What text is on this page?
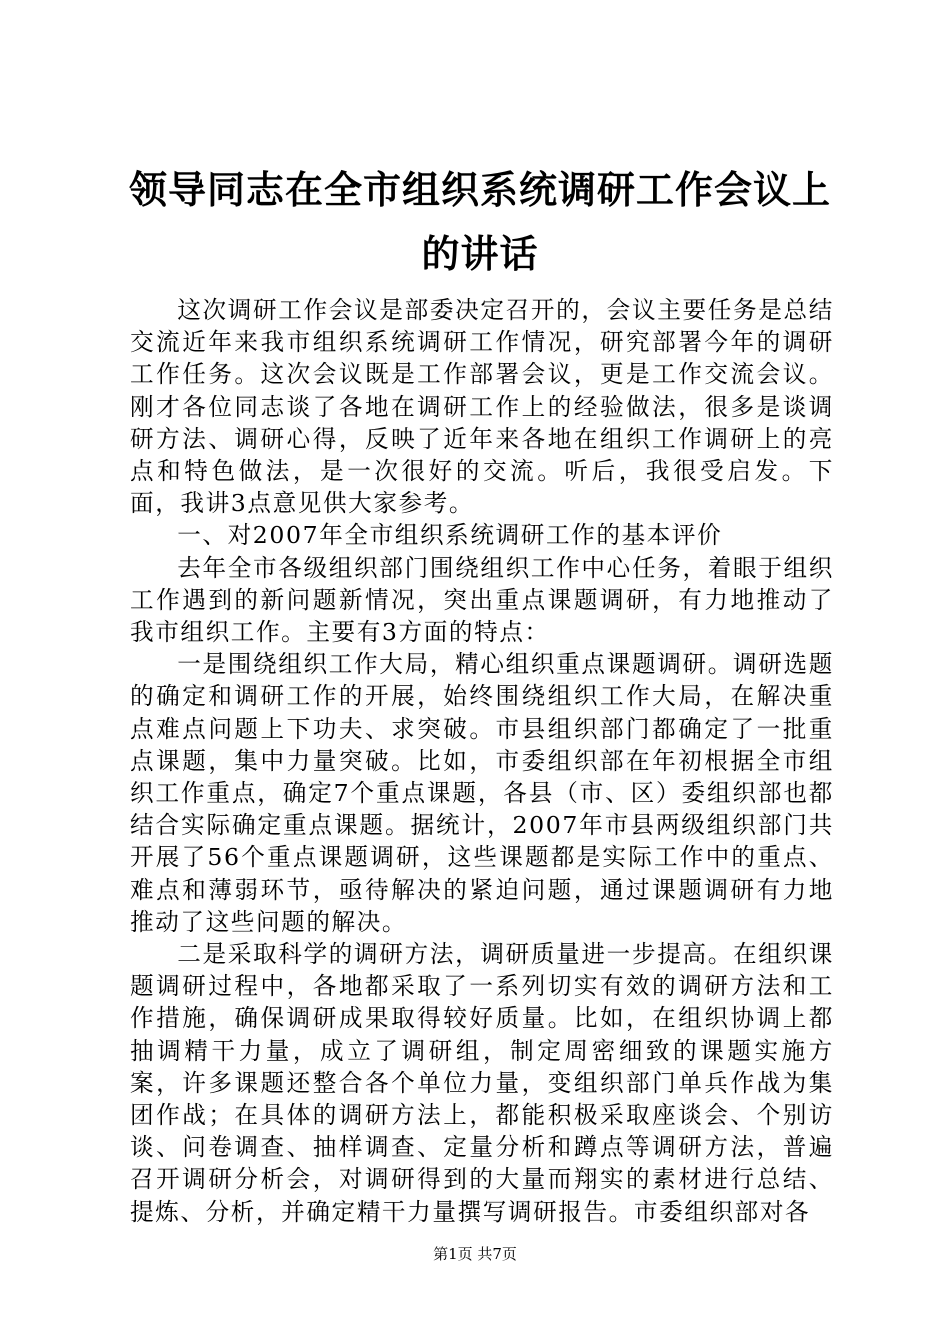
领导同志在全市组织系统调研工作会议上的讲话

这次调研工作会议是部委决定召开的，会议主要任务是总结交流近年来我市组织系统调研工作情况，研究部署今年的调研工作任务。这次会议既是工作部署会议，更是工作交流会议。刚才各位同志谈了各地在调研工作上的经验做法，很多是谈调研方法、调研心得，反映了近年来各地在组织工作调研上的亮点和特色做法，是一次很好的交流。听后，我很受启发。下面，我讲3点意见供大家参考。

一、对2007年全市组织系统调研工作的基本评价

去年全市各级组织部门围绕组织工作中心任务，着眼于组织工作遇到的新问题新情况，突出重点课题调研，有力地推动了我市组织工作。主要有3方面的特点：

一是围绕组织工作大局，精心组织重点课题调研。调研选题的确定和调研工作的开展，始终围绕组织工作大局，在解决重点难点问题上下功夫、求突破。市县组织部门都确定了一批重点课题，集中力量突破。比如，市委组织部在年初根据全市组织工作重点，确定7个重点课题，各县（市、区）委组织部也都结合实际确定重点课题。据统计，2007年市县两级组织部门共开展了56个重点课题调研，这些课题都是实际工作中的重点、难点和薄弱环节，亟待解决的紧迫问题，通过课题调研有力地推动了这些问题的解决。

二是采取科学的调研方法，调研质量进一步提高。在组织课题调研过程中，各地都采取了一系列切实有效的调研方法和工作措施，确保调研成果取得较好质量。比如，在组织协调上都抽调精干力量，成立了调研组，制定周密细致的课题实施方案，许多课题还整合各个单位力量，变组织部门单兵作战为集团作战；在具体的调研方法上，都能积极采取座谈会、个别访谈、问卷调查、抽样调查、定量分析和蹲点等调研方法，普遍召开调研分析会，对调研得到的大量而翔实的素材进行总结、提炼、分析，并确定精干力量撰写调研报告。市委组织部对各

第1页 共7页
